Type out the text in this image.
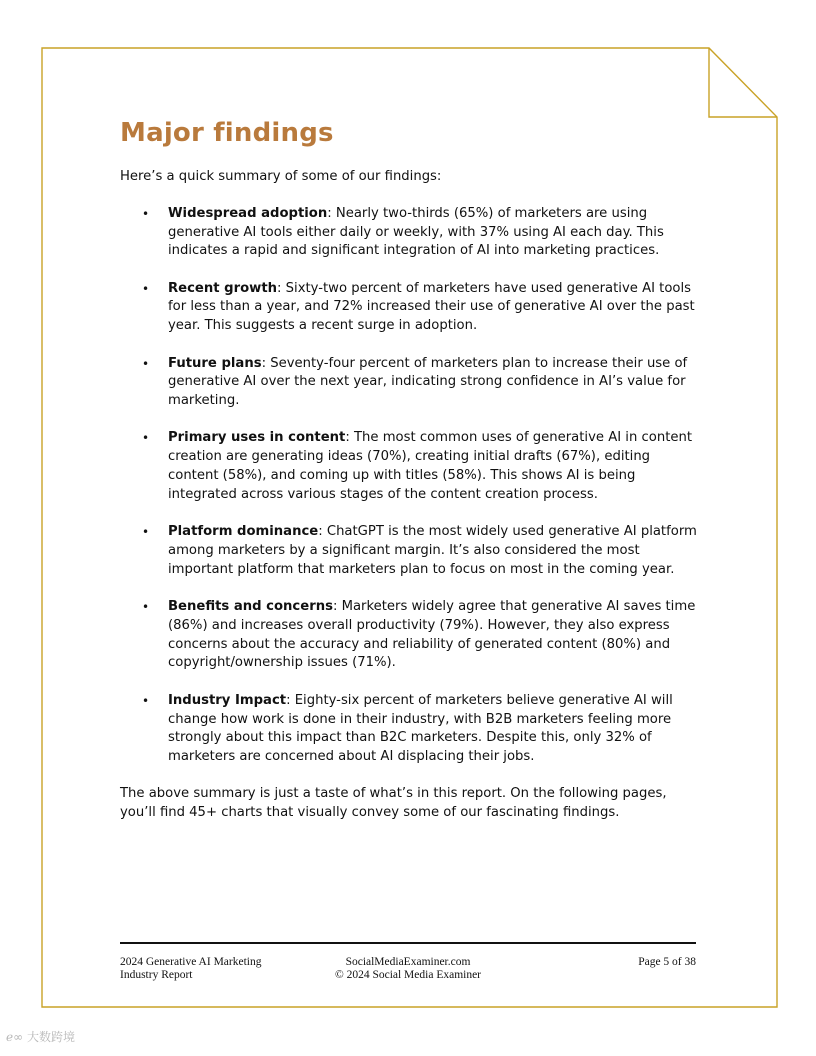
Major findings

Here’s a quick summary of some of our findings:

• Widespread adoption: Nearly two-thirds (65%) of marketers are using generative AI tools either daily or weekly, with 37% using AI each day. This indicates a rapid and significant integration of AI into marketing practices.
• Recent growth: Sixty-two percent of marketers have used generative AI tools for less than a year, and 72% increased their use of generative AI over the past year. This suggests a recent surge in adoption.
• Future plans: Seventy-four percent of marketers plan to increase their use of generative AI over the next year, indicating strong confidence in AI’s value for marketing.
• Primary uses in content: The most common uses of generative AI in content creation are generating ideas (70%), creating initial drafts (67%), editing content (58%), and coming up with titles (58%). This shows AI is being integrated across various stages of the content creation process.
• Platform dominance: ChatGPT is the most widely used generative AI platform among marketers by a significant margin. It’s also considered the most important platform that marketers plan to focus on most in the coming year.
• Benefits and concerns: Marketers widely agree that generative AI saves time (86%) and increases overall productivity (79%). However, they also express concerns about the accuracy and reliability of generated content (80%) and copyright/ownership issues (71%).
• Industry Impact: Eighty-six percent of marketers believe generative AI will change how work is done in their industry, with B2B marketers feeling more strongly about this impact than B2C marketers. Despite this, only 32% of marketers are concerned about AI displacing their jobs.

The above summary is just a taste of what’s in this report. On the following pages, you’ll find 45+ charts that visually convey some of our fascinating findings.

2024 Generative AI Marketing
Industry Report
SocialMediaExaminer.com
© 2024 Social Media Examiner
Page 5 of 38
ℯ∞ 大数跨境
